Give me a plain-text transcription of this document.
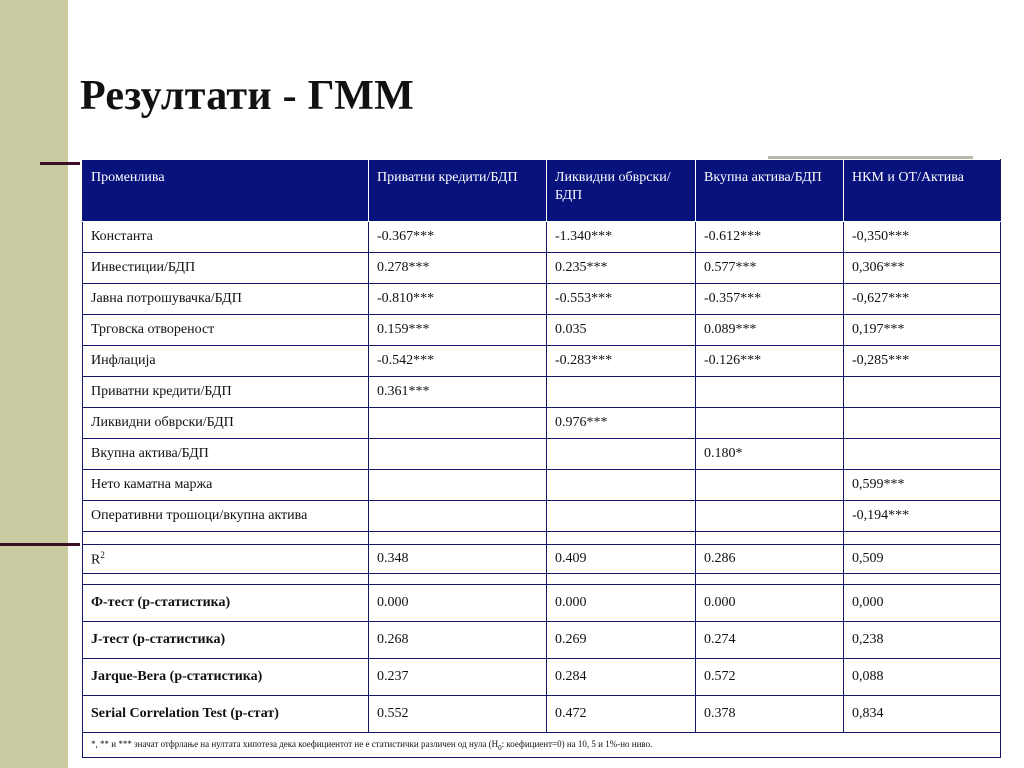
Резултати - ГММ
Променлива	Приватни кредити/БДП	Ликвидни обврски/БДП	Вкупна актива/БДП	НКМ и ОТ/Актива
Константа	-0.367***	-1.340***	-0.612***	-0,350***
Инвестиции/БДП	0.278***	0.235***	0.577***	0,306***
Јавна потрошувачка/БДП	-0.810***	-0.553***	-0.357***	-0,627***
Трговска отвореност	0.159***	0.035	0.089***	0,197***
Инфлација	-0.542***	-0.283***	-0.126***	-0,285***
Приватни кредити/БДП	0.361***			
Ликвидни обврски/БДП		0.976***		
Вкупна актива/БДП			0.180*	
Нето каматна маржа				0,599***
Оперативни трошоци/вкупна актива				-0,194***

$R^2$	0.348	0.409	0.286	0,509

Ф-тест (p-статистика)	0.000	0.000	0.000	0,000
J-тест (p-статистика)	0.268	0.269	0.274	0,238
Jarque-Bera (p-статистика)	0.237	0.284	0.572	0,088
Serial Correlation Test (p-стат)	0.552	0.472	0.378	0,834
*, ** и *** значат отфрлање на нултата хипотеза дека коефициентот не е статистички различен од нула ($H_0$: коефициент=0) на 10, 5 и 1%-но ниво.				
